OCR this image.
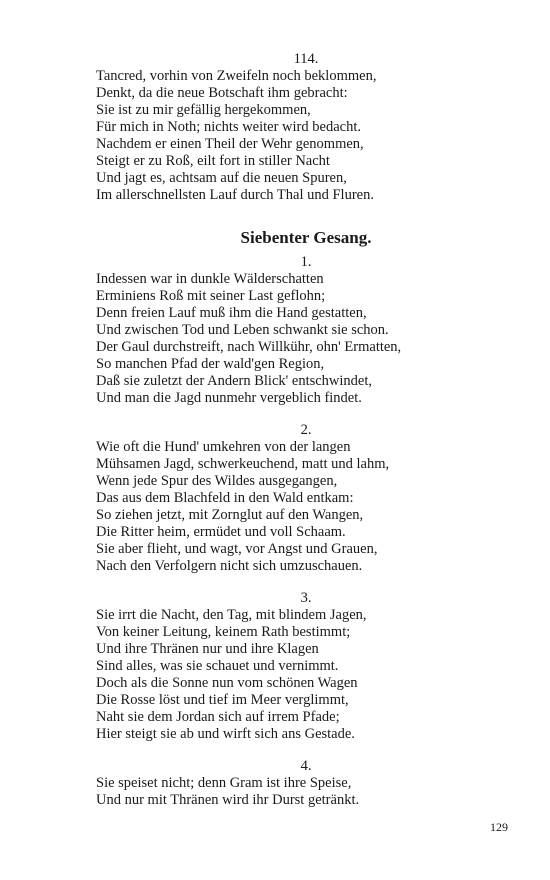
114.
Tancred, vorhin von Zweifeln noch beklommen,
Denkt, da die neue Botschaft ihm gebracht:
Sie ist zu mir gefällig hergekommen,
Für mich in Noth; nichts weiter wird bedacht.
Nachdem er einen Theil der Wehr genommen,
Steigt er zu Roß, eilt fort in stiller Nacht
Und jagt es, achtsam auf die neuen Spuren,
Im allerschnellsten Lauf durch Thal und Fluren.
Siebenter Gesang.
1.
Indessen war in dunkle Wälderschatten
Erminiens Roß mit seiner Last geflohn;
Denn freien Lauf muß ihm die Hand gestatten,
Und zwischen Tod und Leben schwankt sie schon.
Der Gaul durchstreift, nach Willkühr, ohn' Ermatten,
So manchen Pfad der wald'gen Region,
Daß sie zuletzt der Andern Blick' entschwindet,
Und man die Jagd nunmehr vergeblich findet.
2.
Wie oft die Hund' umkehren von der langen
Mühsamen Jagd, schwerkeuchend, matt und lahm,
Wenn jede Spur des Wildes ausgegangen,
Das aus dem Blachfeld in den Wald entkam:
So ziehen jetzt, mit Zornglut auf den Wangen,
Die Ritter heim, ermüdet und voll Schaam.
Sie aber flieht, und wagt, vor Angst und Grauen,
Nach den Verfolgern nicht sich umzuschauen.
3.
Sie irrt die Nacht, den Tag, mit blindem Jagen,
Von keiner Leitung, keinem Rath bestimmt;
Und ihre Thränen nur und ihre Klagen
Sind alles, was sie schauet und vernimmt.
Doch als die Sonne nun vom schönen Wagen
Die Rosse löst und tief im Meer verglimmt,
Naht sie dem Jordan sich auf irrem Pfade;
Hier steigt sie ab und wirft sich ans Gestade.
4.
Sie speiset nicht; denn Gram ist ihre Speise,
Und nur mit Thränen wird ihr Durst getränkt.
129
